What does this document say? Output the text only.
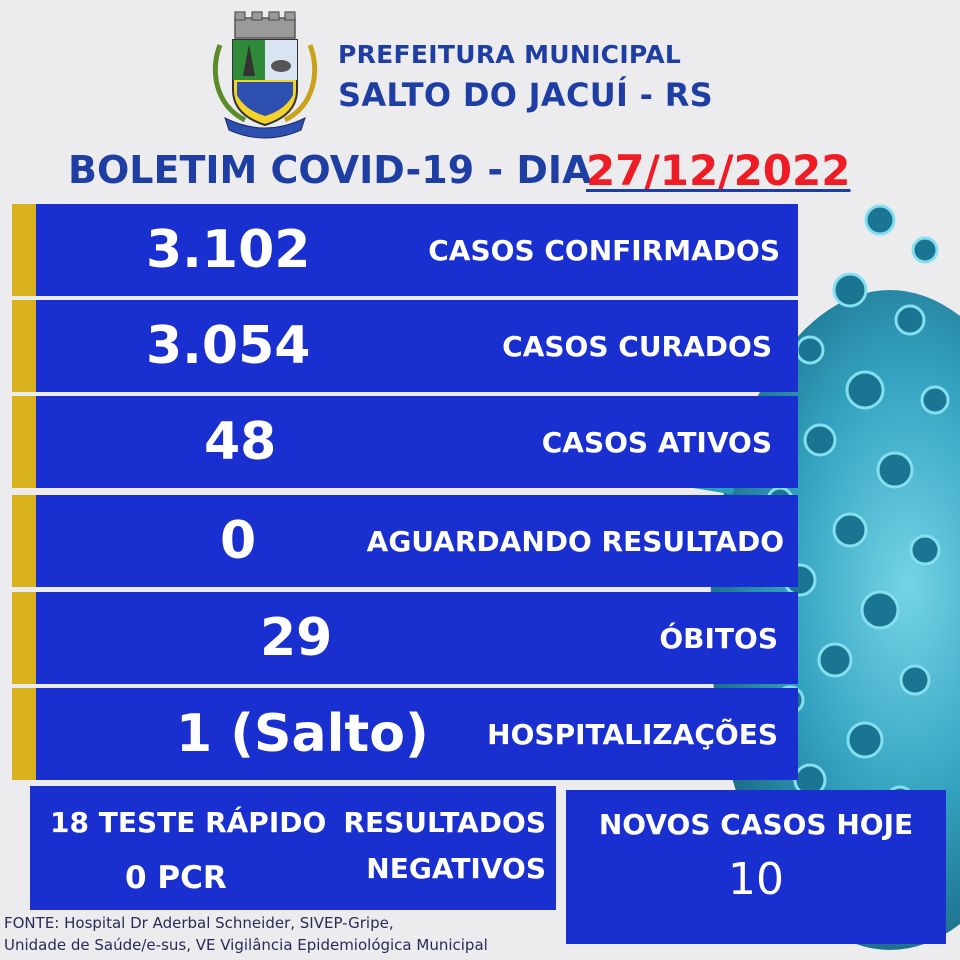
PREFEITURA MUNICIPAL
SALTO DO JACUÍ - RS
BOLETIM COVID-19 - DIA
27/12/2022
3.102	CASOS CONFIRMADOS
3.054	CASOS CURADOS
48	CASOS ATIVOS
0	AGUARDANDO RESULTADO
29	ÓBITOS
1 (Salto) HOSPITALIZAÇÕES
18 TESTE RÁPIDO
0 PCR
RESULTADOS
NEGATIVOS
NOVOS CASOS HOJE
10
FONTE: Hospital Dr Aderbal Schneider, SIVEP-Gripe,
Unidade de Saúde/e-sus, VE Vigilância Epidemiológica Municipal
